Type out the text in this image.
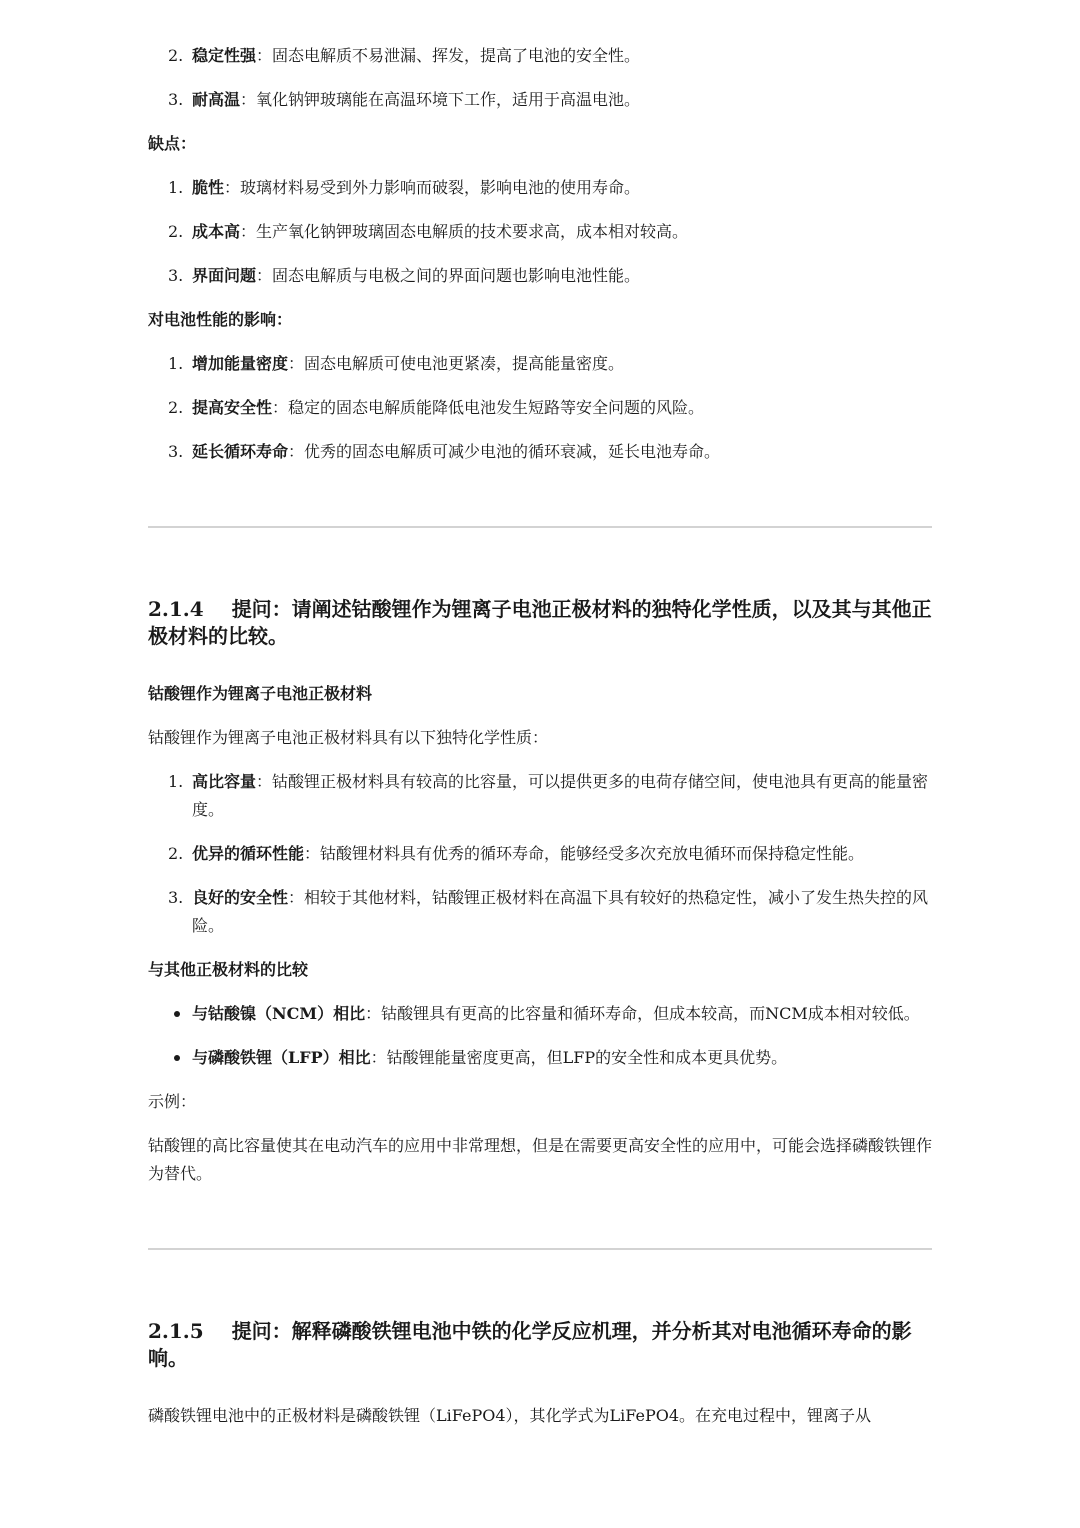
2. 稳定性强：固态电解质不易泄漏、挥发，提高了电池的安全性。
3. 耐高温：氧化钠钾玻璃能在高温环境下工作，适用于高温电池。

缺点：

1. 脆性：玻璃材料易受到外力影响而破裂，影响电池的使用寿命。
2. 成本高：生产氧化钠钾玻璃固态电解质的技术要求高，成本相对较高。
3. 界面问题：固态电解质与电极之间的界面问题也影响电池性能。

对电池性能的影响：

1. 增加能量密度：固态电解质可使电池更紧凑，提高能量密度。
2. 提高安全性：稳定的固态电解质能降低电池发生短路等安全问题的风险。
3. 延长循环寿命：优秀的固态电解质可减少电池的循环衰减，延长电池寿命。
2.1.4 提问：请阐述钴酸锂作为锂离子电池正极材料的独特化学性质，以及其与其他正极材料的比较。

钴酸锂作为锂离子电池正极材料

钴酸锂作为锂离子电池正极材料具有以下独特化学性质：

1. 高比容量：钴酸锂正极材料具有较高的比容量，可以提供更多的电荷存储空间，使电池具有更高的能量密度。
2. 优异的循环性能：钴酸锂材料具有优秀的循环寿命，能够经受多次充放电循环而保持稳定性能。
3. 良好的安全性：相较于其他材料，钴酸锂正极材料在高温下具有较好的热稳定性，减小了发生热失控的风险。

与其他正极材料的比较

与钴酸镍（NCM）相比：钴酸锂具有更高的比容量和循环寿命，但成本较高，而NCM成本相对较低。
与磷酸铁锂（LFP）相比：钴酸锂能量密度更高，但LFP的安全性和成本更具优势。

示例：

钴酸锂的高比容量使其在电动汽车的应用中非常理想，但是在需要更高安全性的应用中，可能会选择磷酸铁锂作为替代。

2.1.5 提问：解释磷酸铁锂电池中铁的化学反应机理，并分析其对电池循环寿命的影响。

磷酸铁锂电池中的正极材料是磷酸铁锂（LiFePO4），其化学式为LiFePO4。在充电过程中，锂离子从
